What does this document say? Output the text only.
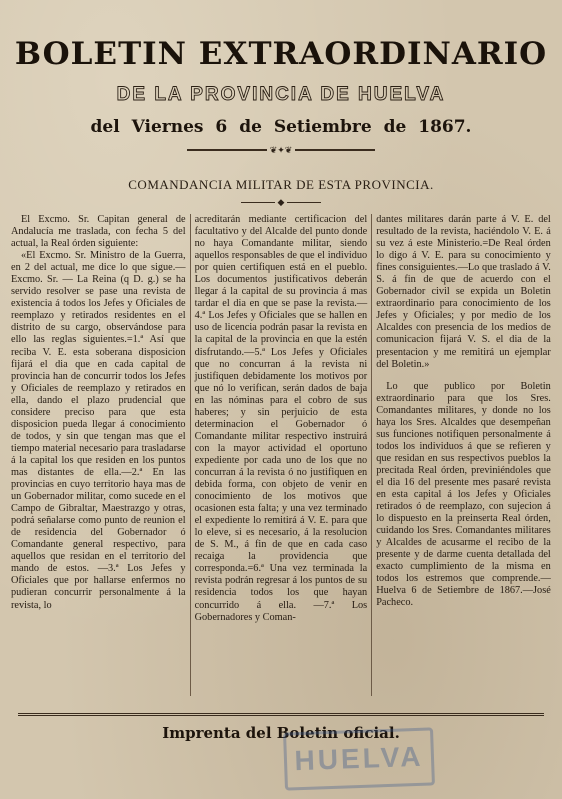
BOLETIN EXTRAORDINARIO
DE LA PROVINCIA DE HUELVA
del Viernes 6 de Setiembre de 1867.
❦✦❦
COMANDANCIA MILITAR DE ESTA PROVINCIA.
◆

El Excmo. Sr. Capitan general de Andalucía me traslada, con fecha 5 del actual, la Real órden siguiente:

«El Excmo. Sr. Ministro de la Guerra, en 2 del actual, me dice lo que sigue.—Excmo. Sr. — La Reina (q D. g.) se ha servido resolver se pase una revista de existencia á todos los Jefes y Oficiales de reemplazo y retirados residentes en el distrito de su cargo, observándose para ello las reglas siguientes.=1.ª Así que reciba V. E. esta soberana disposicion fijará el dia que en cada capital de provincia han de concurrir todos los Jefes y Oficiales de reemplazo y retirados en ella, dando el plazo prudencial que considere preciso para que esta disposicion pueda llegar á conocimiento de todos, y sin que tengan mas que el tiempo material necesario para trasladarse á la capital los que residen en los puntos mas distantes de ella.—2.ª En las provincias en cuyo territorio haya mas de un Gobernador militar, como sucede en el Campo de Gibraltar, Maestrazgo y otras, podrá señalarse como punto de reunion el de residencia del Gobernador ó Comandante general respectivo, para aquellos que residan en el territorio del mando de estos. —3.ª Los Jefes y Oficiales que por hallarse enfermos no pudieran concurrir personalmente á la revista, lo

acreditarán mediante certificacion del facultativo y del Alcalde del punto donde no haya Comandante militar, siendo aquellos responsables de que el individuo por quien certifiquen está en el pueblo. Los documentos justificativos deberán llegar á la capital de su provincia á mas tardar el dia en que se pase la revista.—4.ª Los Jefes y Oficiales que se hallen en uso de licencia podrán pasar la revista en la capital de la provincia en que la estén disfrutando.—5.ª Los Jefes y Oficiales que no concurran á la revista ni justifiquen debidamente los motivos por que nó lo verifican, serán dados de baja en las nóminas para el cobro de sus haberes; y sin perjuicio de esta determinacion el Gobernador ó Comandante militar respectivo instruirá con la mayor actividad el oportuno expediente por cada uno de los que no concurran á la revista ó no justifiquen en debida forma, con objeto de venir en conocimiento de los motivos que ocasionen esta falta; y una vez terminado el expediente lo remitirá á V. E. para que lo eleve, si es necesario, á la resolucion de S. M., á fin de que en cada caso recaiga la providencia que corresponda.=6.ª Una vez terminada la revista podrán regresar á los puntos de su residencia todos los que hayan concurrido á ella. —7.ª Los Gobernadores y Coman-

dantes militares darán parte á V. E. del resultado de la revista, haciéndolo V. E. á su vez á este Ministerio.=De Real órden lo digo á V. E. para su conocimiento y fines consiguientes.—Lo que traslado á V. S. á fin de que de acuerdo con el Gobernador civil se expida un Boletin extraordinario para conocimiento de los Jefes y Oficiales; y por medio de los Alcaldes con presencia de los medios de comunicacion fijará V. S. el dia de la presentacion y me remitirá un ejemplar del Boletin.»

Lo que publico por Boletin extraordinario para que los Sres. Comandantes militares, y donde no los haya los Sres. Alcaldes que desempeñan sus funciones notifiquen personalmente á todos los individuos á que se refieren y que residan en sus respectivos pueblos la precitada Real órden, previniéndoles que el dia 16 del presente mes pasaré revista en esta capital á los Jefes y Oficiales retirados ó de reemplazo, con sujecion á lo dispuesto en la preinserta Real órden, cuidando los Sres. Comandantes militares y Alcaldes de acusarme el recibo de la presente y de darme cuenta detallada del exacto cumplimiento de la misma en todos los estremos que comprende.—Huelva 6 de Setiembre de 1867.—José Pacheco.

Imprenta del Boletin oficial.
HUELVA
